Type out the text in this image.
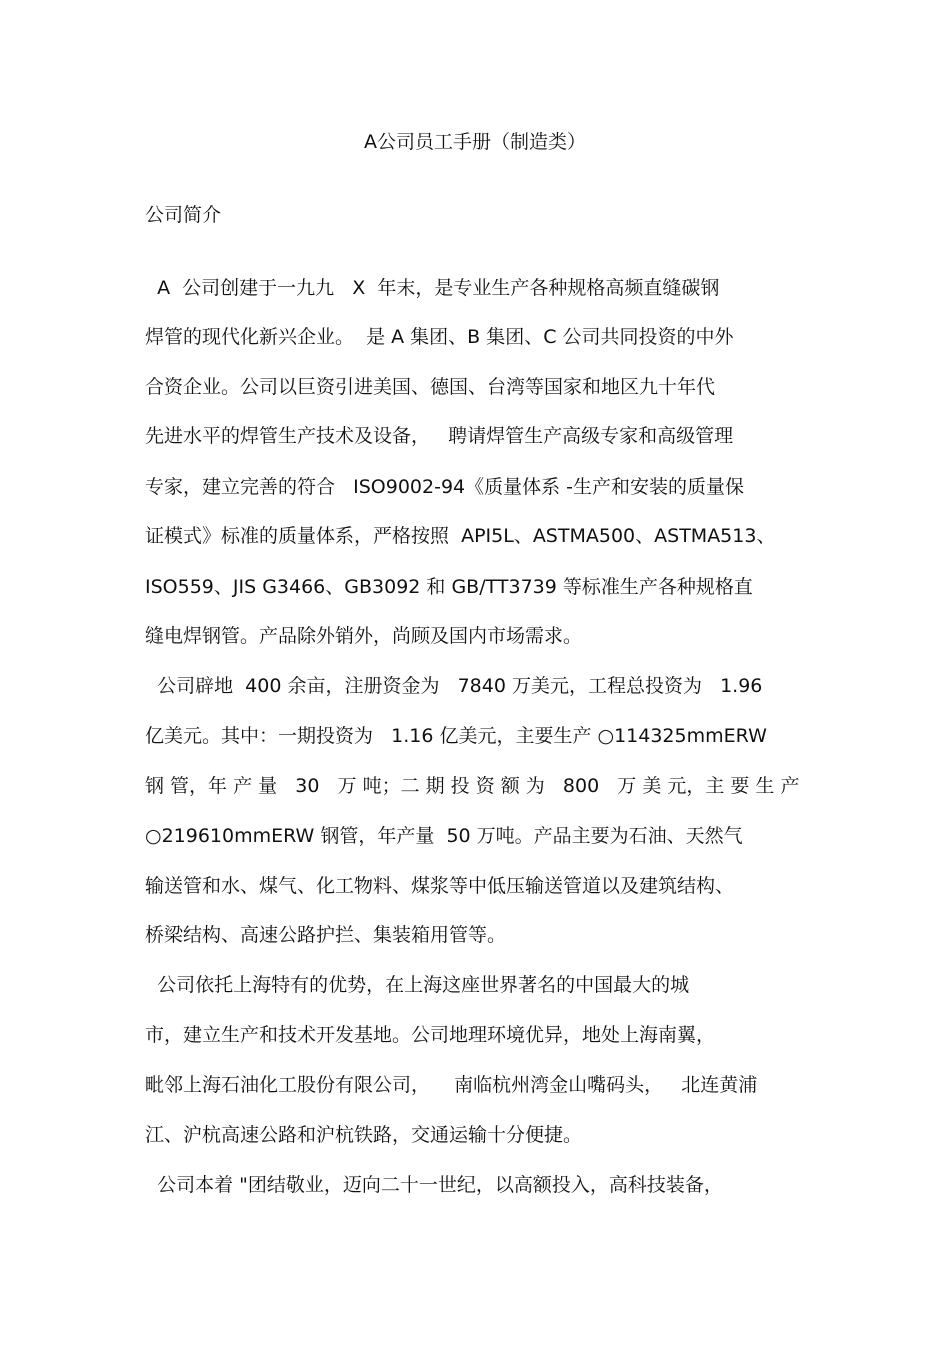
A公司员工手册（制造类）
公司简介
A  公司创建于一九九   X  年末，是专业生产各种规格高频直缝碳钢
焊管的现代化新兴企业。  是 A 集团、B 集团、C 公司共同投资的中外
合资企业。公司以巨资引进美国、德国、台湾等国家和地区九十年代
先进水平的焊管生产技术及设备，   聘请焊管生产高级专家和高级管理
专家，建立完善的符合   ISO9002-94《质量体系 -生产和安装的质量保
证模式》标准的质量体系，严格按照  API5L、ASTMA500、ASTMA513、
ISO559、JIS G3466、GB3092 和 GB/TT3739 等标准生产各种规格直
缝电焊钢管。产品除外销外，尚顾及国内市场需求。
公司辟地  400 余亩，注册资金为   7840 万美元，工程总投资为   1.96
亿美元。其中：一期投资为   1.16 亿美元，主要生产 ○114325mmERW
钢 管，年 产 量   30   万 吨；二 期 投 资 额 为   800   万 美 元，主 要 生 产
○219610mmERW 钢管，年产量  50 万吨。产品主要为石油、天然气
输送管和水、煤气、化工物料、煤浆等中低压输送管道以及建筑结构、
桥梁结构、高速公路护拦、集装箱用管等。
公司依托上海特有的优势，在上海这座世界著名的中国最大的城
市，建立生产和技术开发基地。公司地理环境优异，地处上海南翼，
毗邻上海石油化工股份有限公司，    南临杭州湾金山嘴码头，   北连黄浦
江、沪杭高速公路和沪杭铁路，交通运输十分便捷。
公司本着 "团结敬业，迈向二十一世纪，以高额投入，高科技装备，
